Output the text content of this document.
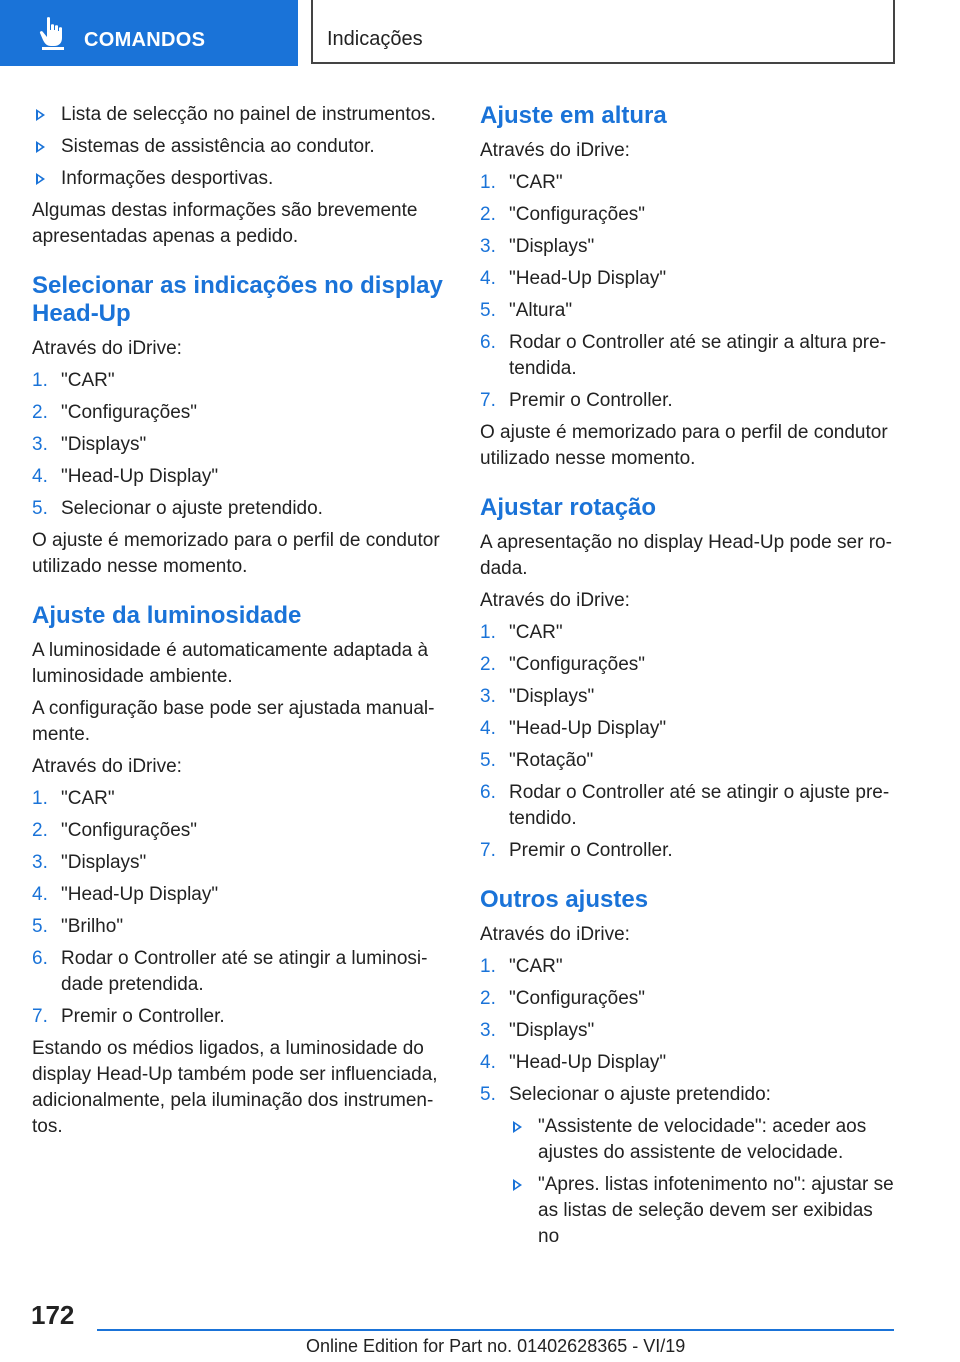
COMANDOS	Indicações
Lista de selecção no painel de instrumentos.
Sistemas de assistência ao condutor.
Informações desportivas.

Algumas destas informações são brevemente apresentadas apenas a pedido.

Selecionar as indicações no display Head-Up

Através do iDrive:

1. "CAR"
2. "Configurações"
3. "Displays"
4. "Head-Up Display"
5. Selecionar o ajuste pretendido.

O ajuste é memorizado para o perfil de condutor utilizado nesse momento.

Ajuste da luminosidade

A luminosidade é automaticamente adaptada à luminosidade ambiente.

A configuração base pode ser ajustada manualmente.

Através do iDrive:

1. "CAR"
2. "Configurações"
3. "Displays"
4. "Head-Up Display"
5. "Brilho"
6. Rodar o Controller até se atingir a luminosidade pretendida.
7. Premir o Controller.

Estando os médios ligados, a luminosidade do display Head-Up também pode ser influenciada, adicionalmente, pela iluminação dos instrumentos.

Ajuste em altura

Através do iDrive:

1. "CAR"
2. "Configurações"
3. "Displays"
4. "Head-Up Display"
5. "Altura"
6. Rodar o Controller até se atingir a altura pretendida.
7. Premir o Controller.

O ajuste é memorizado para o perfil de condutor utilizado nesse momento.

Ajustar rotação

A apresentação no display Head-Up pode ser rodada.

Através do iDrive:

1. "CAR"
2. "Configurações"
3. "Displays"
4. "Head-Up Display"
5. "Rotação"
6. Rodar o Controller até se atingir o ajuste pretendido.
7. Premir o Controller.
Outros ajustes

Através do iDrive:

1. "CAR"
2. "Configurações"
3. "Displays"
4. "Head-Up Display"
5. Selecionar o ajuste pretendido:
"Assistente de velocidade": aceder aos ajustes do assistente de velocidade.
"Apres. listas infotenimento no": ajustar se as listas de seleção devem ser exibidas no
172
Online Edition for Part no. 01402628365 - VI/19
